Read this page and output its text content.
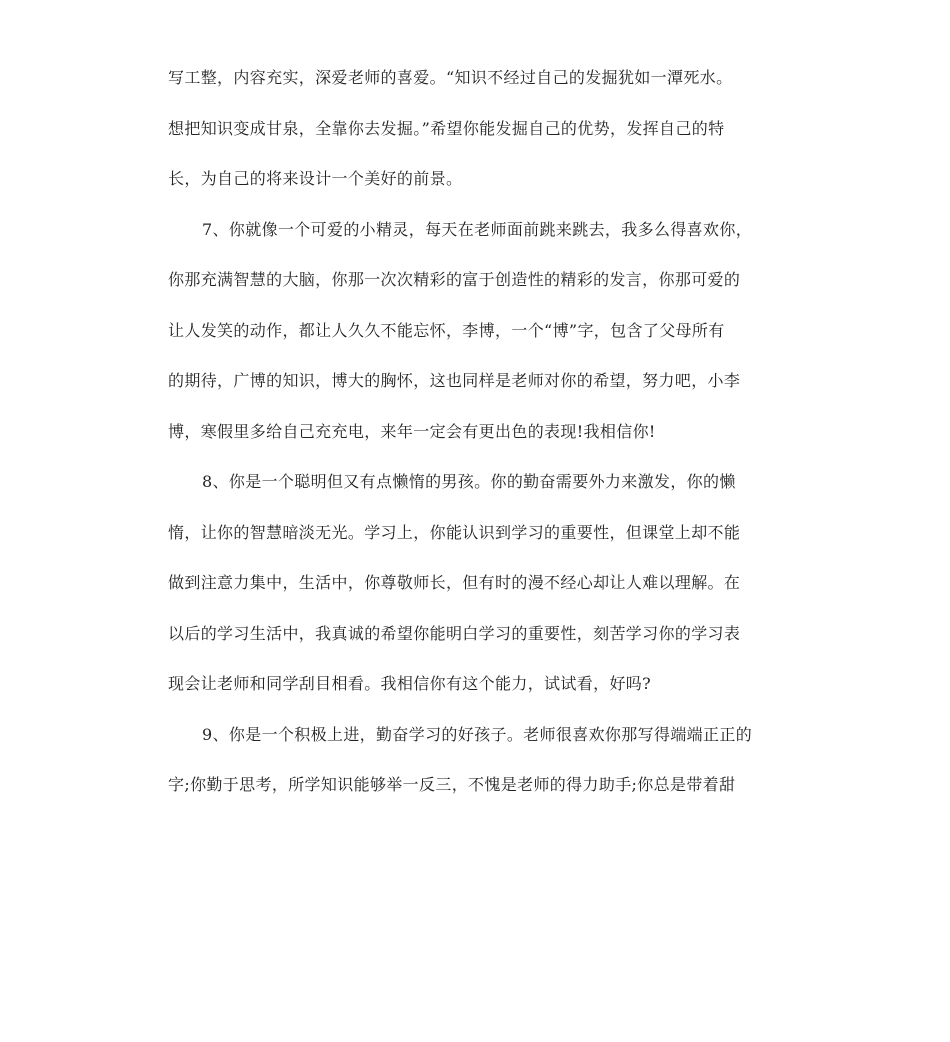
写工整，内容充实，深爱老师的喜爱。“知识不经过自己的发掘犹如一潭死水。
想把知识变成甘泉，全靠你去发掘。”希望你能发掘自己的优势，发挥自己的特
长，为自己的将来设计一个美好的前景。
7、你就像一个可爱的小精灵，每天在老师面前跳来跳去，我多么得喜欢你，
你那充满智慧的大脑，你那一次次精彩的富于创造性的精彩的发言，你那可爱的
让人发笑的动作，都让人久久不能忘怀，李博，一个“博”字，包含了父母所有
的期待，广博的知识，博大的胸怀，这也同样是老师对你的希望，努力吧，小李
博，寒假里多给自己充充电，来年一定会有更出色的表现!我相信你!
8、你是一个聪明但又有点懒惰的男孩。你的勤奋需要外力来激发，你的懒
惰，让你的智慧暗淡无光。学习上，你能认识到学习的重要性，但课堂上却不能
做到注意力集中，生活中，你尊敬师长，但有时的漫不经心却让人难以理解。在
以后的学习生活中，我真诚的希望你能明白学习的重要性，刻苦学习你的学习表
现会让老师和同学刮目相看。我相信你有这个能力，试试看，好吗?
9、你是一个积极上进，勤奋学习的好孩子。老师很喜欢你那写得端端正正的
字;你勤于思考，所学知识能够举一反三，不愧是老师的得力助手;你总是带着甜
